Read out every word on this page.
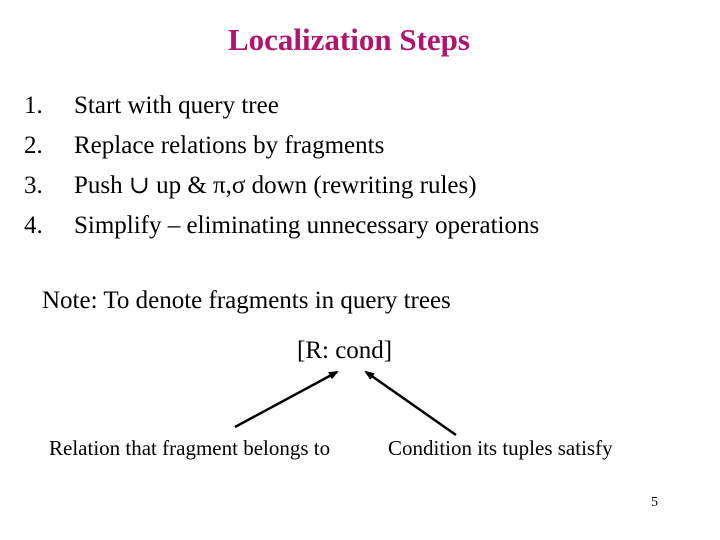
Localization Steps
1. Start with query tree
2. Replace relations by fragments
3. Push ∪ up & π,σ down (rewriting rules)
4. Simplify – eliminating unnecessary operations
Note: To denote fragments in query trees
[R: cond]
Relation that fragment belongs to	Condition its tuples satisfy
5
